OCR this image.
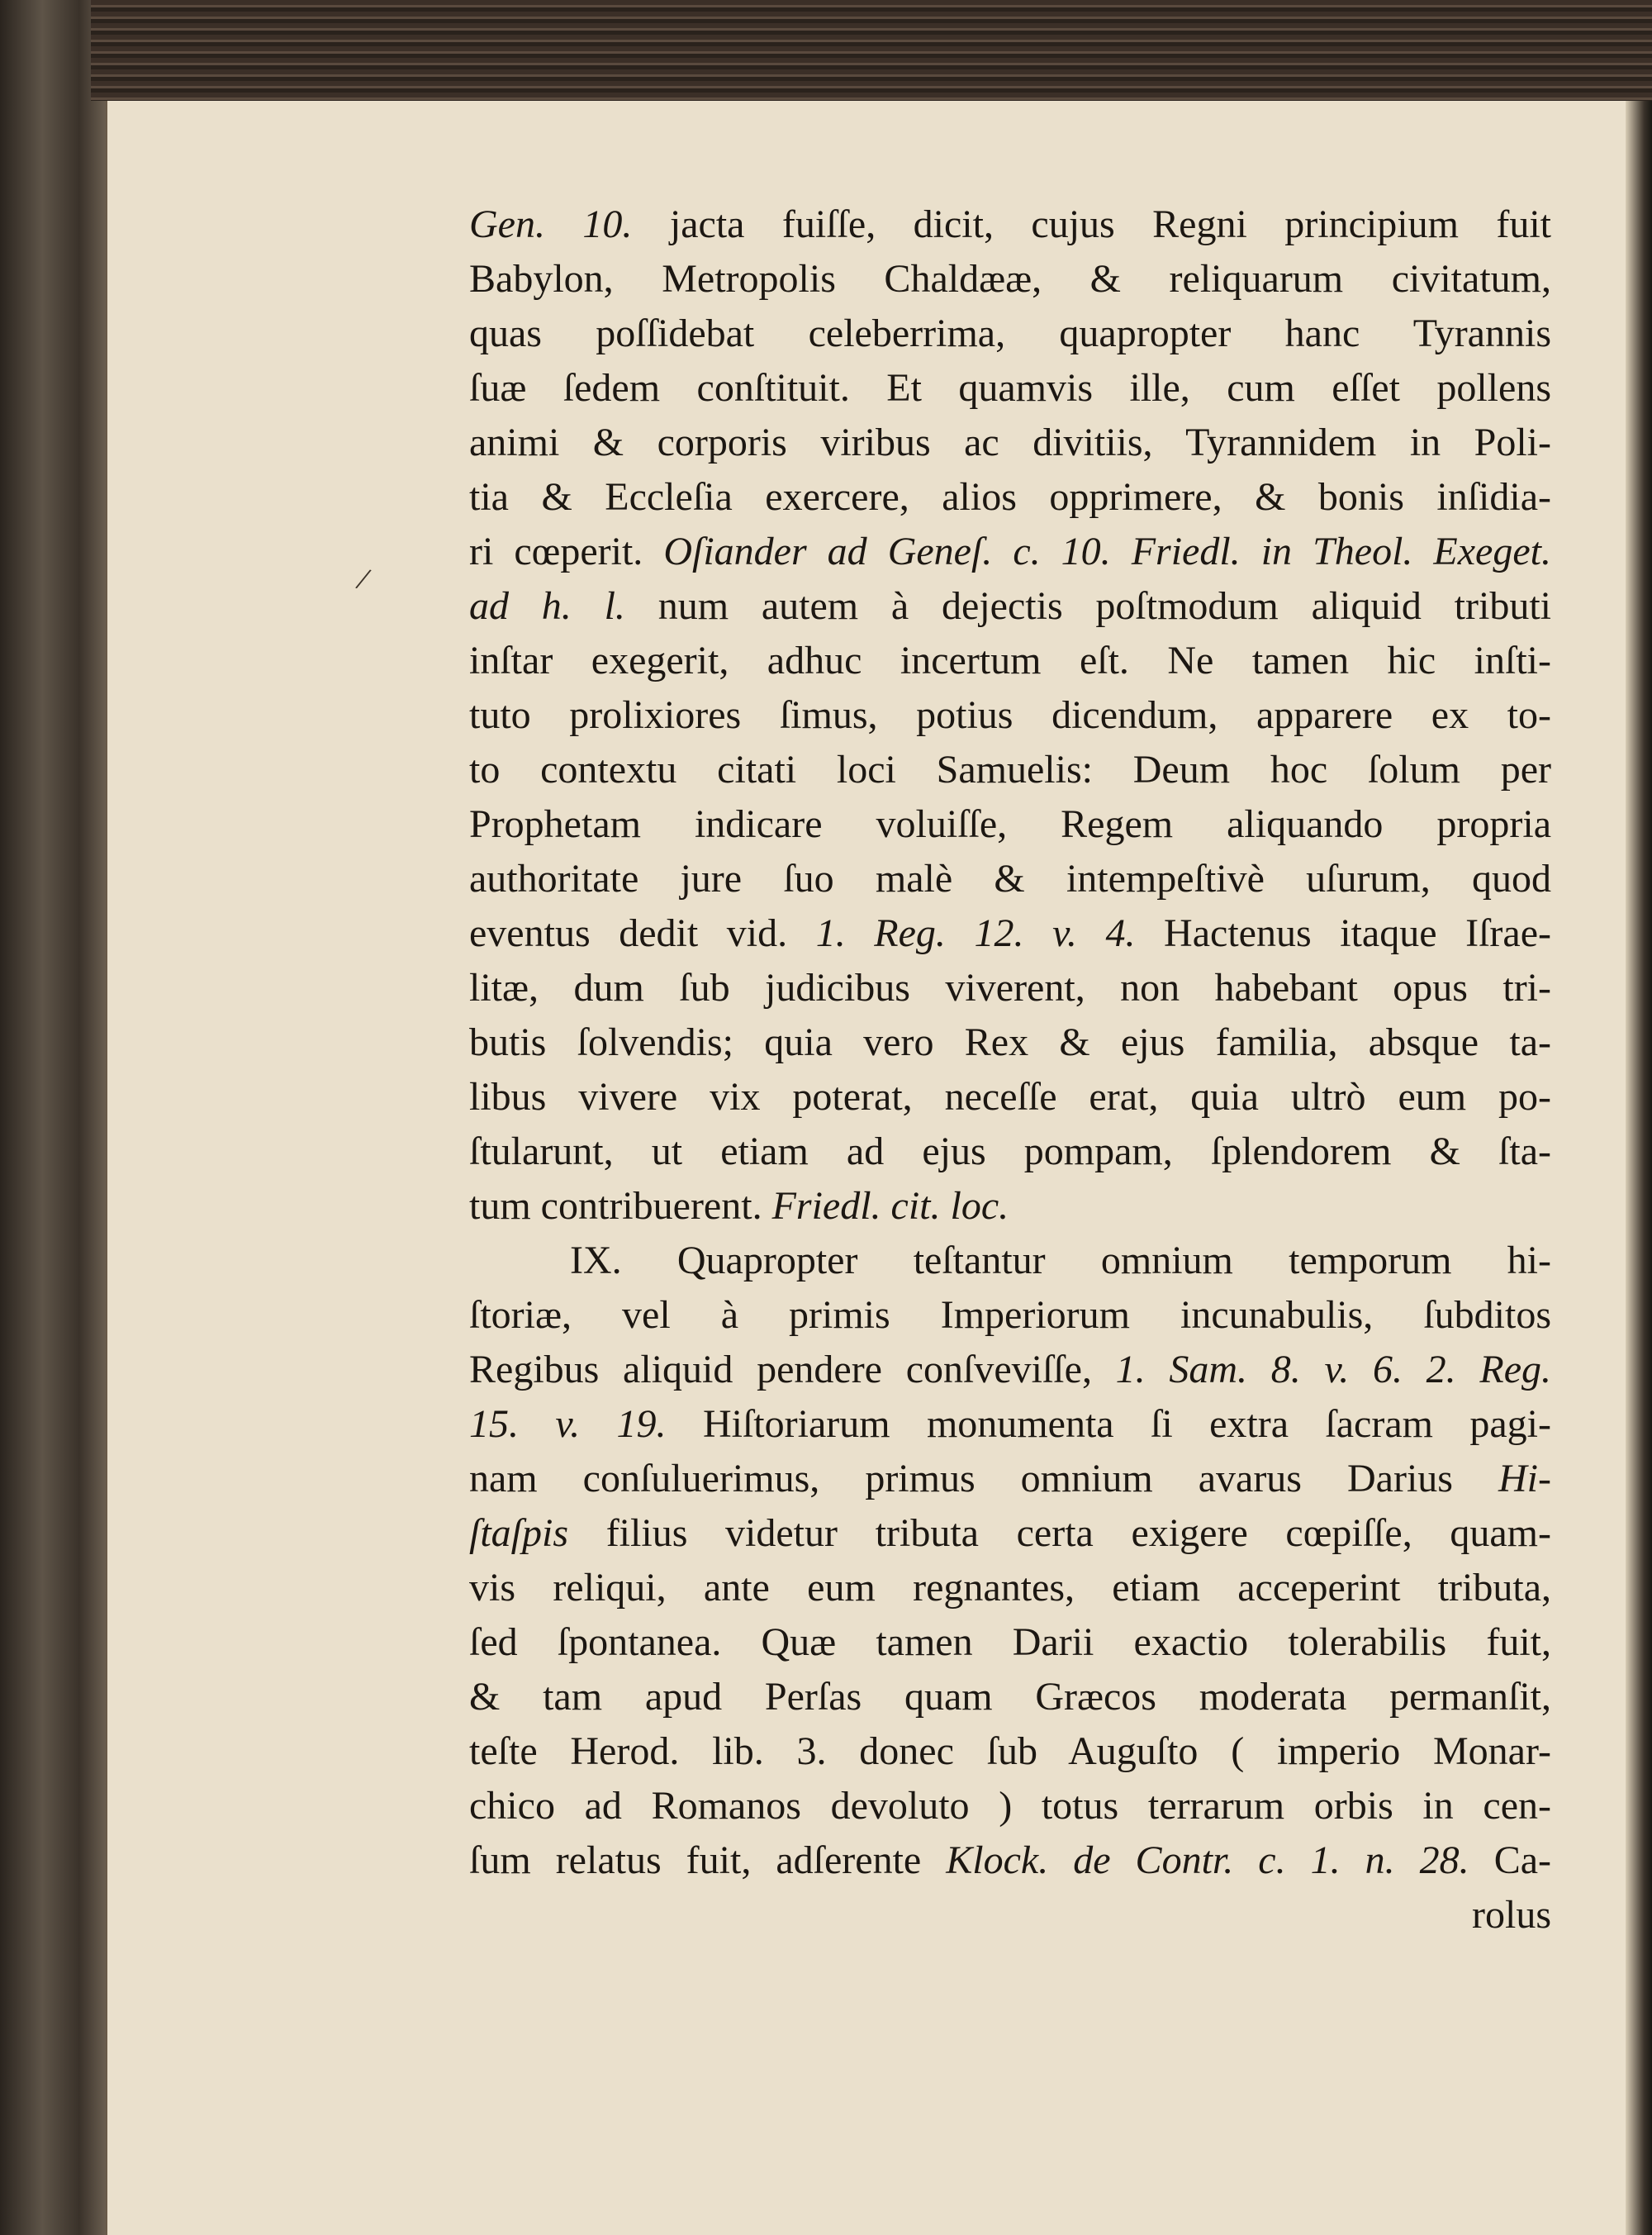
/
Gen. 10. jacta fuiſſe, dicit, cujus Regni principium fuit
Babylon, Metropolis Chaldææ, & reliquarum civitatum,
quas poſſidebat celeberrima, quapropter hanc Tyrannis
ſuæ ſedem conſtituit. Et quamvis ille, cum eſſet pollens
animi & corporis viribus ac divitiis, Tyrannidem in Poli-
tia & Eccleſia exercere, alios opprimere, & bonis inſidia-
ri cœperit. Oſiander ad Geneſ. c. 10. Friedl. in Theol. Exeget.
ad h. l. num autem à dejectis poſtmodum aliquid tributi
inſtar exegerit, adhuc incertum eſt. Ne tamen hic inſti-
tuto prolixiores ſimus, potius dicendum, apparere ex to-
to contextu citati loci Samuelis: Deum hoc ſolum per
Prophetam indicare voluiſſe, Regem aliquando propria
authoritate jure ſuo malè & intempeſtivè uſurum, quod
eventus dedit vid. 1. Reg. 12. v. 4. Hactenus itaque Iſrae-
litæ, dum ſub judicibus viverent, non habebant opus tri-
butis ſolvendis; quia vero Rex & ejus familia, absque ta-
libus vivere vix poterat, neceſſe erat, quia ultrò eum po-
ſtularunt, ut etiam ad ejus pompam, ſplendorem & ſta-
tum contribuerent. Friedl. cit. loc.
IX. Quapropter teſtantur omnium temporum hi-
ſtoriæ, vel à primis Imperiorum incunabulis, ſubditos
Regibus aliquid pendere conſveviſſe, 1. Sam. 8. v. 6. 2. Reg.
15. v. 19. Hiſtoriarum monumenta ſi extra ſacram pagi-
nam conſuluerimus, primus omnium avarus Darius Hi-
ſtaſpis filius videtur tributa certa exigere cœpiſſe, quam-
vis reliqui, ante eum regnantes, etiam acceperint tributa,
ſed ſpontanea. Quæ tamen Darii exactio tolerabilis fuit,
& tam apud Perſas quam Græcos moderata permanſit,
teſte Herod. lib. 3. donec ſub Auguſto ( imperio Monar-
chico ad Romanos devoluto ) totus terrarum orbis in cen-
ſum relatus fuit, adſerente Klock. de Contr. c. 1. n. 28. Ca-
rolus
